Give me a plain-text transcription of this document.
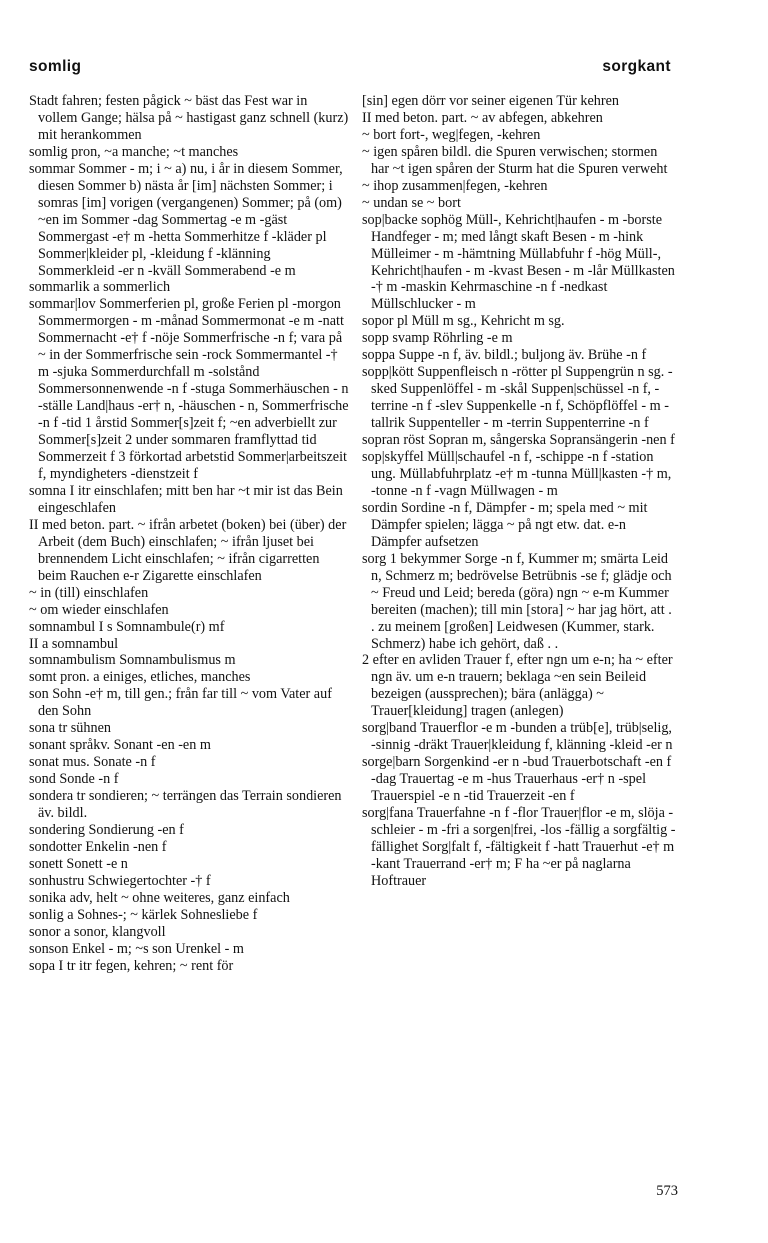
somlig	sorgkant

Stadt fahren; festen pågick ~ bäst das Fest war in vollem Gange; hälsa på ~ hastigast ganz schnell (kurz) mit herankommen

somlig pron, ~a manche; ~t manches

sommar Sommer - m; i ~ a) nu, i år in diesem Sommer, diesen Sommer b) nästa år [im] nächsten Sommer; i somras [im] vorigen (vergangenen) Sommer; på (om) ~en im Sommer -dag Sommertag -e m -gäst Sommergast -e† m -hetta Sommerhitze f -kläder pl Sommer|kleider pl, -kleidung f -klänning Sommerkleid -er n -kväll Sommerabend -e m

sommarlik a sommerlich

sommar|lov Sommerferien pl, große Ferien pl -morgon Sommermorgen - m -månad Sommermonat -e m -natt Sommernacht -e† f -nöje Sommerfrische -n f; vara på ~ in der Sommerfrische sein -rock Sommermantel -† m -sjuka Sommerdurchfall m -solstånd Sommersonnenwende -n f -stuga Sommerhäuschen - n -ställe Land|haus -er† n, -häuschen - n, Sommerfrische -n f -tid 1 årstid Sommer[s]zeit f; ~en adverbiellt zur Sommer[s]zeit 2 under sommaren framflyttad tid Sommerzeit f 3 förkortad arbetstid Sommer|arbeitszeit f, myndigheters -dienstzeit f

somna I itr einschlafen; mitt ben har ~t mir ist das Bein eingeschlafen

II med beton. part. ~ ifrån arbetet (boken) bei (über) der Arbeit (dem Buch) einschlafen; ~ ifrån ljuset bei brennendem Licht einschlafen; ~ ifrån cigarretten beim Rauchen e-r Zigarette einschlafen

~ in (till) einschlafen

~ om wieder einschlafen

somnambul I s Somnambule(r) mf

II a somnambul

somnambulism Somnambulismus m

somt pron. a einiges, etliches, manches

son Sohn -e† m, till gen.; från far till ~ vom Vater auf den Sohn

sona tr sühnen

sonant språkv. Sonant -en -en m

sonat mus. Sonate -n f

sond Sonde -n f

sondera tr sondieren; ~ terrängen das Terrain sondieren äv. bildl.

sondering Sondierung -en f

sondotter Enkelin -nen f

sonett Sonett -e n

sonhustru Schwiegertochter -† f

sonika adv, helt ~ ohne weiteres, ganz einfach

sonlig a Sohnes-; ~ kärlek Sohnesliebe f

sonor a sonor, klangvoll

sonson Enkel - m; ~s son Urenkel - m

sopa I tr itr fegen, kehren; ~ rent för

[sin] egen dörr vor seiner eigenen Tür kehren

II med beton. part. ~ av abfegen, abkehren

~ bort fort-, weg|fegen, -kehren

~ igen spåren bildl. die Spuren verwischen; stormen har ~t igen spåren der Sturm hat die Spuren verweht

~ ihop zusammen|fegen, -kehren

~ undan se ~ bort

sop|backe sophög Müll-, Kehricht|haufen - m -borste Handfeger - m; med långt skaft Besen - m -hink Mülleimer - m -hämtning Müllabfuhr f -hög Müll-, Kehricht|haufen - m -kvast Besen - m -lår Müllkasten -† m -maskin Kehrmaschine -n f -nedkast Müllschlucker - m

sopor pl Müll m sg., Kehricht m sg.

sopp svamp Röhrling -e m

soppa Suppe -n f, äv. bildl.; buljong äv. Brühe -n f

sopp|kött Suppenfleisch n -rötter pl Suppengrün n sg. -sked Suppenlöffel - m -skål Suppen|schüssel -n f, -terrine -n f -slev Suppenkelle -n f, Schöpflöffel - m -tallrik Suppenteller - m -terrin Suppenterrine -n f

sopran röst Sopran m, sångerska Sopransängerin -nen f

sop|skyffel Müll|schaufel -n f, -schippe -n f -station ung. Müllabfuhrplatz -e† m -tunna Müll|kasten -† m, -tonne -n f -vagn Müllwagen - m

sordin Sordine -n f, Dämpfer - m; spela med ~ mit Dämpfer spielen; lägga ~ på ngt etw. dat. e-n Dämpfer aufsetzen

sorg 1 bekymmer Sorge -n f, Kummer m; smärta Leid n, Schmerz m; bedrövelse Betrübnis -se f; glädje och ~ Freud und Leid; bereda (göra) ngn ~ e-m Kummer bereiten (machen); till min [stora] ~ har jag hört, att . . zu meinem [großen] Leidwesen (Kummer, stark. Schmerz) habe ich gehört, daß . .

2 efter en avliden Trauer f, efter ngn um e-n; ha ~ efter ngn äv. um e-n trauern; beklaga ~en sein Beileid bezeigen (aussprechen); bära (anlägga) ~ Trauer[kleidung] tragen (anlegen)

sorg|band Trauerflor -e m -bunden a trüb[e], trüb|selig, -sinnig -dräkt Trauer|kleidung f, klänning -kleid -er n

sorge|barn Sorgenkind -er n -bud Trauerbotschaft -en f -dag Trauertag -e m -hus Trauerhaus -er† n -spel Trauerspiel -e n -tid Trauerzeit -en f

sorg|fana Trauerfahne -n f -flor Trauer|flor -e m, slöja -schleier - m -fri a sorgen|frei, -los -fällig a sorgfältig -fällighet Sorg|falt f, -fältigkeit f -hatt Trauerhut -e† m -kant Trauerrand -er† m; F ha ~er på naglarna Hoftrauer

573
